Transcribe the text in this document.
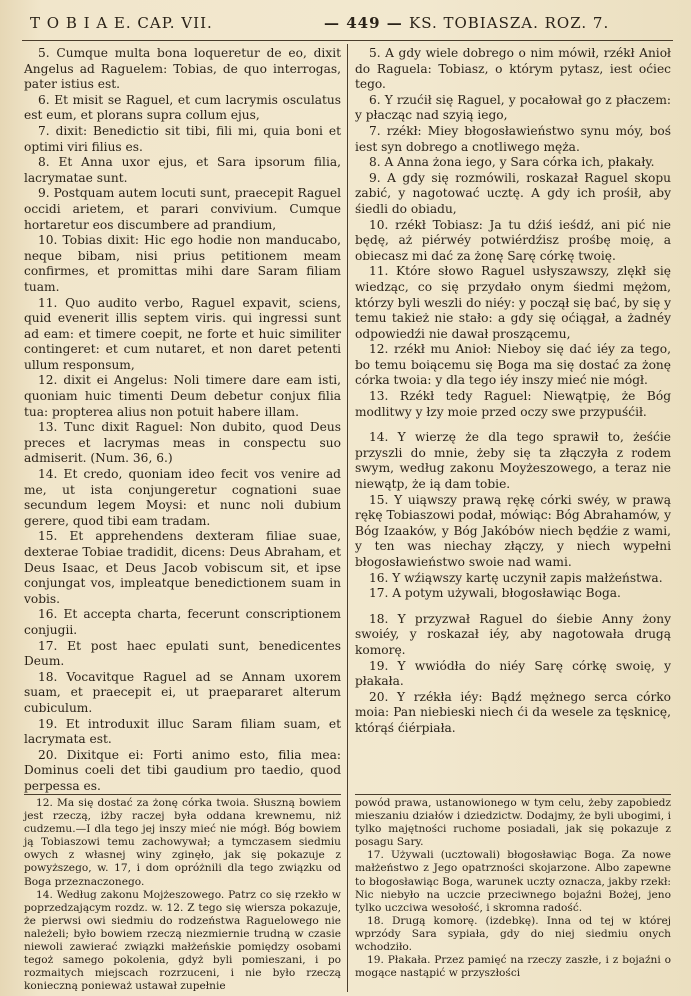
T O B I A E. CAP. VII.	— 449 — KS. TOBIASZA. ROZ. 7.

5. Cumque multa bona loqueretur de eo, dixit Angelus ad Raguelem: Tobias, de quo interrogas, pater istius est.

6. Et misit se Raguel, et cum lacrymis osculatus est eum, et plorans supra collum ejus,

7. dixit: Benedictio sit tibi, fili mi, quia boni et optimi viri filius es.

8. Et Anna uxor ejus, et Sara ipsorum filia, lacrymatae sunt.

9. Postquam autem locuti sunt, praecepit Raguel occidi arietem, et parari convivium. Cumque hortaretur eos discumbere ad prandium,

10. Tobias dixit: Hic ego hodie non manducabo, neque bibam, nisi prius petitionem meam confirmes, et promittas mihi dare Saram filiam tuam.

11. Quo audito verbo, Raguel expavit, sciens, quid evenerit illis septem viris. qui ingressi sunt ad eam: et timere coepit, ne forte et huic similiter contingeret: et cum nutaret, et non daret petenti ullum responsum,

12. dixit ei Angelus: Noli timere dare eam isti, quoniam huic timenti Deum debetur conjux filia tua: propterea alius non potuit habere illam.

13. Tunc dixit Raguel: Non dubito, quod Deus preces et lacrymas meas in conspectu suo admiserit. (Num. 36, 6.)

14. Et credo, quoniam ideo fecit vos venire ad me, ut ista conjungeretur cognationi suae secundum legem Moysi: et nunc noli dubium gerere, quod tibi eam tradam.

15. Et apprehendens dexteram filiae suae, dexterae Tobiae tradidit, dicens: Deus Abraham, et Deus Isaac, et Deus Jacob vobiscum sit, et ipse conjungat vos, impleatque benedictionem suam in vobis.

16. Et accepta charta, fecerunt conscriptionem conjugii.

17. Et post haec epulati sunt, benedicentes Deum.

18. Vocavitque Raguel ad se Annam uxorem suam, et praecepit ei, ut praepararet alterum cubiculum.

19. Et introduxit illuc Saram filiam suam, et lacrymata est.

20. Dixitque ei: Forti animo esto, filia mea: Dominus coeli det tibi gaudium pro taedio, quod perpessa es.

5. A gdy wiele dobrego o nim mówił, rzékł Anioł do Raguela: Tobiasz, o którym pytasz, iest oćiec tego.

6. Y rzućił się Raguel, y pocałował go z płaczem: y płacząc nad szyią iego,

7. rzékł: Miey błogosławieństwo synu móy, boś iest syn dobrego a cnotliwego męża.

8. A Anna żona iego, y Sara córka ich, płakały.

9. A gdy się rozmówili, roskazał Raguel skopu zabić, y nagotować ucztę. A gdy ich prośił, aby śiedli do obiadu,

10. rzékł Tobiasz: Ja tu dźiś ieśdź, ani pić nie będę, aż piérwéy potwiérdźisz prośbę moię, a obiecasz mi dać za żonę Sarę córkę twoię.

11. Które słowo Raguel usłyszawszy, zlękł się wiedząc, co się przydało onym śiedmi mężom, którzy byli weszli do niéy: y począł się bać, by się y temu takież nie stało: a gdy się oćiągał, a żadnéy odpowiedźi nie dawał proszącemu,

12. rzékł mu Anioł: Nieboy się dać iéy za tego, bo temu boiącemu się Boga ma się dostać za żonę córka twoia: y dla tego iéy inszy mieć nie mógł.

13. Rzékł tedy Raguel: Niewątpię, że Bóg modlitwy y łzy moie przed oczy swe przypuśćił.

14. Y wierzę że dla tego sprawił to, żeśćie przyszli do mnie, żeby się ta złączyła z rodem swym, według zakonu Moyżeszowego, a teraz nie niewątp, że ią dam tobie.

15. Y uiąwszy prawą rękę córki swéy, w prawą rękę Tobiaszowi podał, mówiąc: Bóg Abrahamów, y Bóg Izaaków, y Bóg Jakóbów niech będźie z wami, y ten was niechay złączy, y niech wypełni błogosławieństwo swoie nad wami.

16. Y wźiąwszy kartę uczynił zapis małżeństwa.

17. A potym używali, błogosławiąc Boga.

18. Y przyzwał Raguel do śiebie Anny żony swoiéy, y roskazał iéy, aby nagotowała drugą komorę.

19. Y wwiódła do niéy Sarę córkę swoię, y płakała.

20. Y rzékła iéy: Bądź mężnego serca córko moia: Pan niebieski niech ći da wesele za tęsknicę, którąś ćiérpiała.

12. Ma się dostać za żonę córka twoia. Słuszną bowiem jest rzeczą, iżby raczej była oddana krewnemu, niż cudzemu.—I dla tego jej inszy mieć nie mógł. Bóg bowiem ją Tobiaszowi temu zachowywał; a tymczasem siedmiu owych z własnej winy zginęło, jak się pokazuje z powyższego, w. 17, i dom opróżnili dla tego związku od Boga przeznaczonego.

14. Według zakonu Mojżeszowego. Patrz co się rzekło w poprzedzającym rozdz. w. 12. Z tego się wiersza pokazuje, że pierwsi owi siedmiu do rodzeństwa Raguelowego nie należeli; było bowiem rzeczą niezmiernie trudną w czasie niewoli zawierać związki małżeńskie pomiędzy osobami tegoż samego pokolenia, gdyż byli pomieszani, i po rozmaitych miejscach rozrzuceni, i nie było rzeczą konieczną ponieważ ustawał zupełnie

powód prawa, ustanowionego w tym celu, żeby zapobiedz mieszaniu działów i dziedzictw. Dodajmy, że byli ubogimi, i tylko majętności ruchome posiadali, jak się pokazuje z posagu Sary.

17. Używali (ucztowali) błogosławiąc Boga. Za nowe małżeństwo z Jego opatrzności skojarzone. Albo zapewne to błogosławiąc Boga, warunek uczty oznacza, jakby rzekł: Nic niebyło na uczcie przeciwnego bojaźni Bożej, jeno tylko uczciwa wesołość, i skromna radość.

18. Drugą komorę. (izdebkę). Inna od tej w której wprzódy Sara sypiała, gdy do niej siedmiu onych wchodziło.

19. Płakała. Przez pamięć na rzeczy zaszłe, i z bojaźni o mogące nastąpić w przyszłości
